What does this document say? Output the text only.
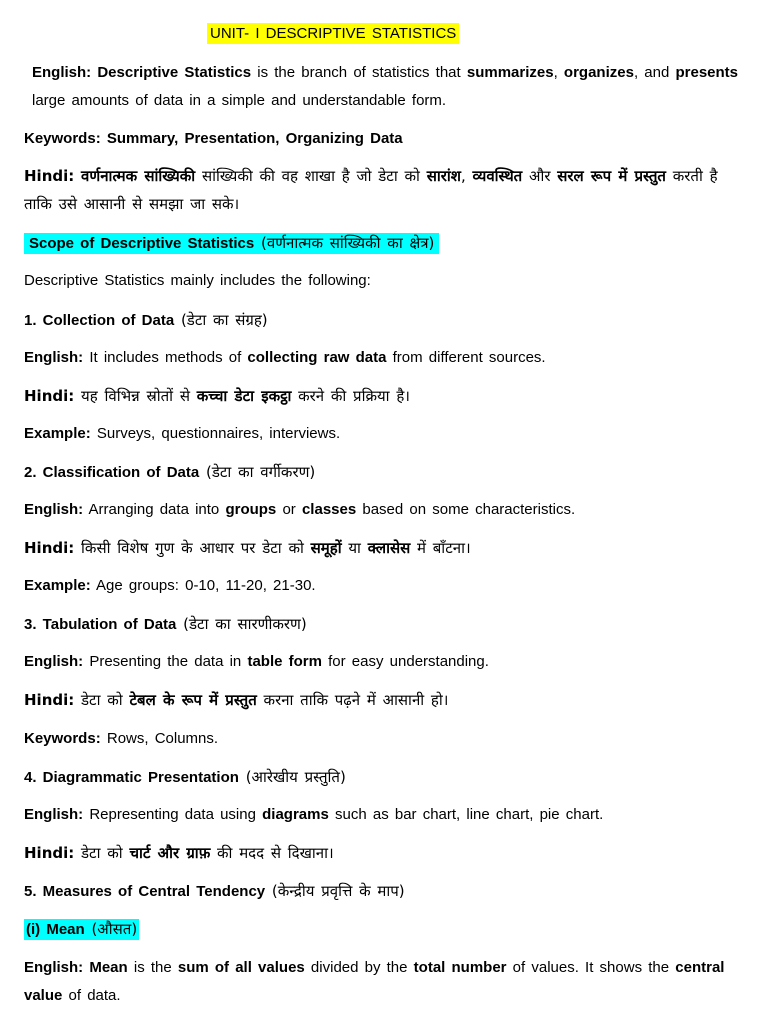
UNIT- I DESCRIPTIVE STATISTICS
English: Descriptive Statistics is the branch of statistics that summarizes, organizes, and presents large amounts of data in a simple and understandable form.
Keywords: Summary, Presentation, Organizing Data
Hindi: वर्णनात्मक सांख्यिकी सांख्यिकी की वह शाखा है जो डेटा को सारांश, व्यवस्थित और सरल रूप में प्रस्तुत करती है ताकि उसे आसानी से समझा जा सके।
Scope of Descriptive Statistics (वर्णनात्मक सांख्यिकी का क्षेत्र)
Descriptive Statistics mainly includes the following:
1. Collection of Data (डेटा का संग्रह)
English: It includes methods of collecting raw data from different sources.
Hindi: यह विभिन्न स्रोतों से कच्चा डेटा इकट्ठा करने की प्रक्रिया है।
Example: Surveys, questionnaires, interviews.
2. Classification of Data (डेटा का वर्गीकरण)
English: Arranging data into groups or classes based on some characteristics.
Hindi: किसी विशेष गुण के आधार पर डेटा को समूहों या क्लासेस में बाँटना।
Example: Age groups: 0-10, 11-20, 21-30.
3. Tabulation of Data (डेटा का सारणीकरण)
English: Presenting the data in table form for easy understanding.
Hindi: डेटा को टेबल के रूप में प्रस्तुत करना ताकि पढ़ने में आसानी हो।
Keywords: Rows, Columns.
4. Diagrammatic Presentation (आरेखीय प्रस्तुति)
English: Representing data using diagrams such as bar chart, line chart, pie chart.
Hindi: डेटा को चार्ट और ग्राफ़ की मदद से दिखाना।
5. Measures of Central Tendency (केन्द्रीय प्रवृत्ति के माप)
(i) Mean (औसत)
English: Mean is the sum of all values divided by the total number of values. It shows the central value of data.
